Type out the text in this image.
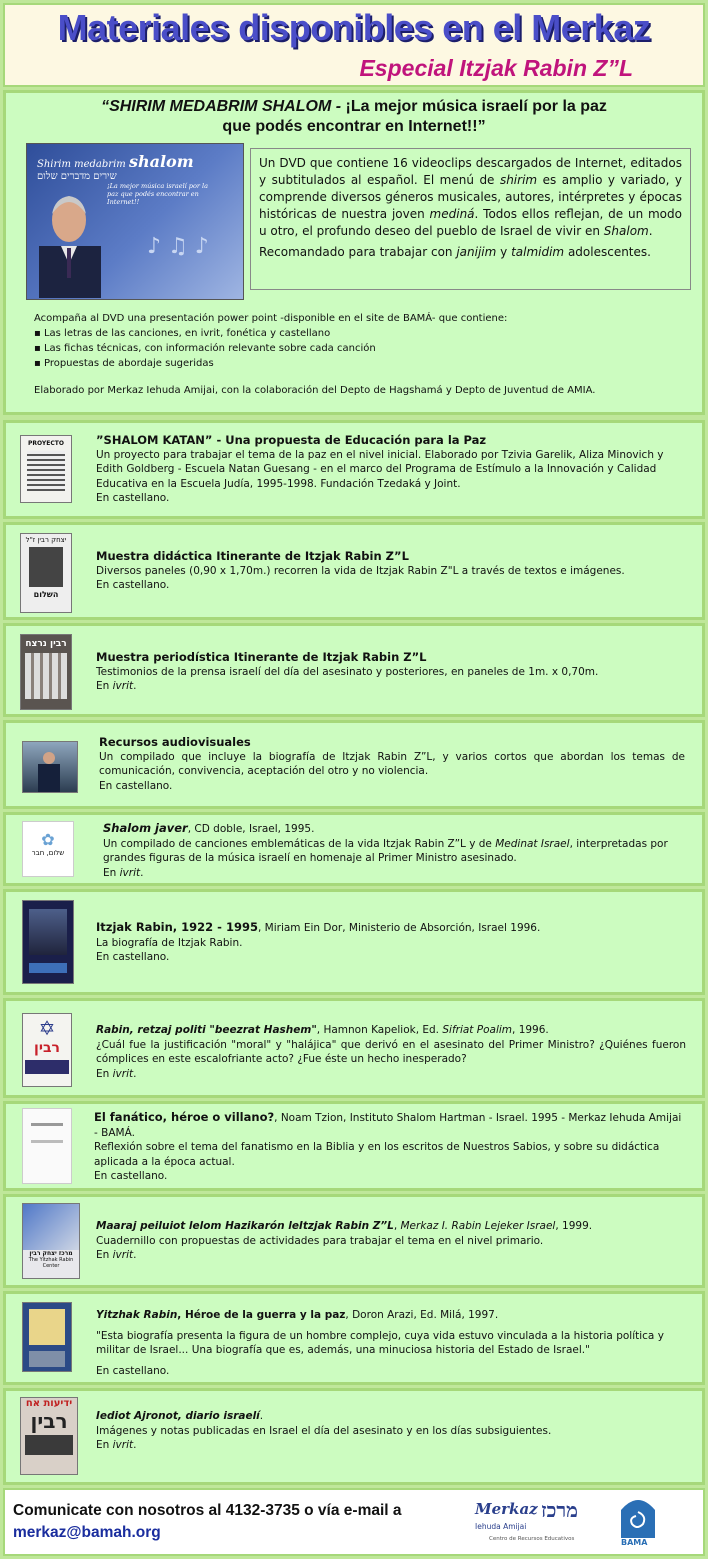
Materiales disponibles en el Merkaz
Especial Itzjak Rabin Z”L
“SHIRIM MEDABRIM SHALOM - ¡La mejor música israelí por la paz
que podés encontrar en Internet!!”
Shirim medabrim shalom
שירים מדברים שלום
¡La mejor música israelí por la paz que podés encontrar en Internet!!
♪ ♫ ♪

Un DVD que contiene 16 videoclips descargados de Internet, editados y subtitulados al español. El menú de shirim es amplio y variado, y comprende diversos géneros musicales, autores, intérpretes y épocas históricas de nuestra joven mediná. Todos ellos reflejan, de un modo u otro, el profundo deseo del pueblo de Israel de vivir en Shalom.

Recomandado para trabajar con janijim y talmidim adolescentes.

Acompaña al DVD una presentación power point -disponible en el site de BAMÁ- que contiene:
▪ Las letras de las canciones, en ivrit, fonética y castellano
▪ Las fichas técnicas, con información relevante sobre cada canción
▪ Propuestas de abordaje sugeridas
Elaborado por Merkaz Iehuda Amijai, con la colaboración del Depto de Hagshamá y Depto de Juventud de AMIA.
PROYECTO	”SHALOM KATAN” - Una propuesta de Educación para la Paz

Un proyecto para trabajar el tema de la paz en el nivel inicial. Elaborado por Tzivia Garelik, Aliza Minovich y Edith Goldberg - Escuela Natan Guesang - en el marco del Programa de Estímulo a la Innovación y Calidad Educativa en la Escuela Judía, 1995-1998. Fundación Tzedaká y Joint.

En castellano.

יצחק רבין ז"ל
השלום

Muestra didáctica Itinerante de Itzjak Rabin Z”L

Diversos paneles (0,90 x 1,70m.) recorren la vida de Itzjak Rabin Z"L a través de textos e imágenes.

En castellano.

רבין נרצח

Muestra periodística Itinerante de Itzjak Rabin Z”L

Testimonios de la prensa israelí del día del asesinato y posteriores, en paneles de 1m. x 0,70m.

En ivrit.

Recursos audiovisuales

Un compilado que incluye la biografía de Itzjak Rabin Z”L, y varios cortos que abordan los temas de comunicación, convivencia, aceptación del otro y no violencia.

En castellano.

✿
שלום, חבר

Shalom javer, CD doble, Israel, 1995.

Un compilado de canciones emblemáticas de la vida Itzjak Rabin Z”L y de Medinat Israel, interpretadas por grandes figuras de la música israelí en homenaje al Primer Ministro asesinado.

En ivrit.

Itzjak Rabin, 1922 - 1995, Miriam Ein Dor, Ministerio de Absorción, Israel 1996.

La biografía de Itzjak Rabin.

En castellano.

✡
רבין

Rabin, retzaj politi "beezrat Hashem", Hamnon Kapeliok, Ed. Sifriat Poalim, 1996.

¿Cuál fue la justificación "moral" y "halájica" que derivó en el asesinato del Primer Ministro? ¿Quiénes fueron cómplices en este escalofriante acto? ¿Fue éste un hecho inesperado?

En ivrit.

El fanático, héroe o villano?, Noam Tzion, Instituto Shalom Hartman - Israel. 1995 - Merkaz Iehuda Amijai - BAMÁ.

Reflexión sobre el tema del fanatismo en la Biblia y en los escritos de Nuestros Sabios, y sobre su didáctica aplicada a la época actual.

En castellano.

מרכז יצחק רבין
The Yitzhak Rabin Center

Maaraj peiluiot lelom Hazikarón leItzjak Rabin Z”L, Merkaz I. Rabin Lejeker Israel, 1999.

Cuadernillo con propuestas de actividades para trabajar el tema en el nivel primario.

En ivrit.

Yitzhak Rabin, Héroe de la guerra y la paz, Doron Arazi, Ed. Milá, 1997.

"Esta biografía presenta la figura de un hombre complejo, cuya vida estuvo vinculada a la historia política y militar de Israel... Una biografía que es, además, una minuciosa historia del Estado de Israel."

En castellano.

ידיעות אח
רבין	Iediot Ajronot, diario israelí.

Imágenes y notas publicadas en Israel el día del asesinato y en los días subsiguientes.

En ivrit.

Comunicate con nosotros al 4132-3735 o vía e-mail a
merkaz@bamah.org
Merkaz מרכז
Iehuda Amijai
Centro de Recursos Educativos	BAMA
